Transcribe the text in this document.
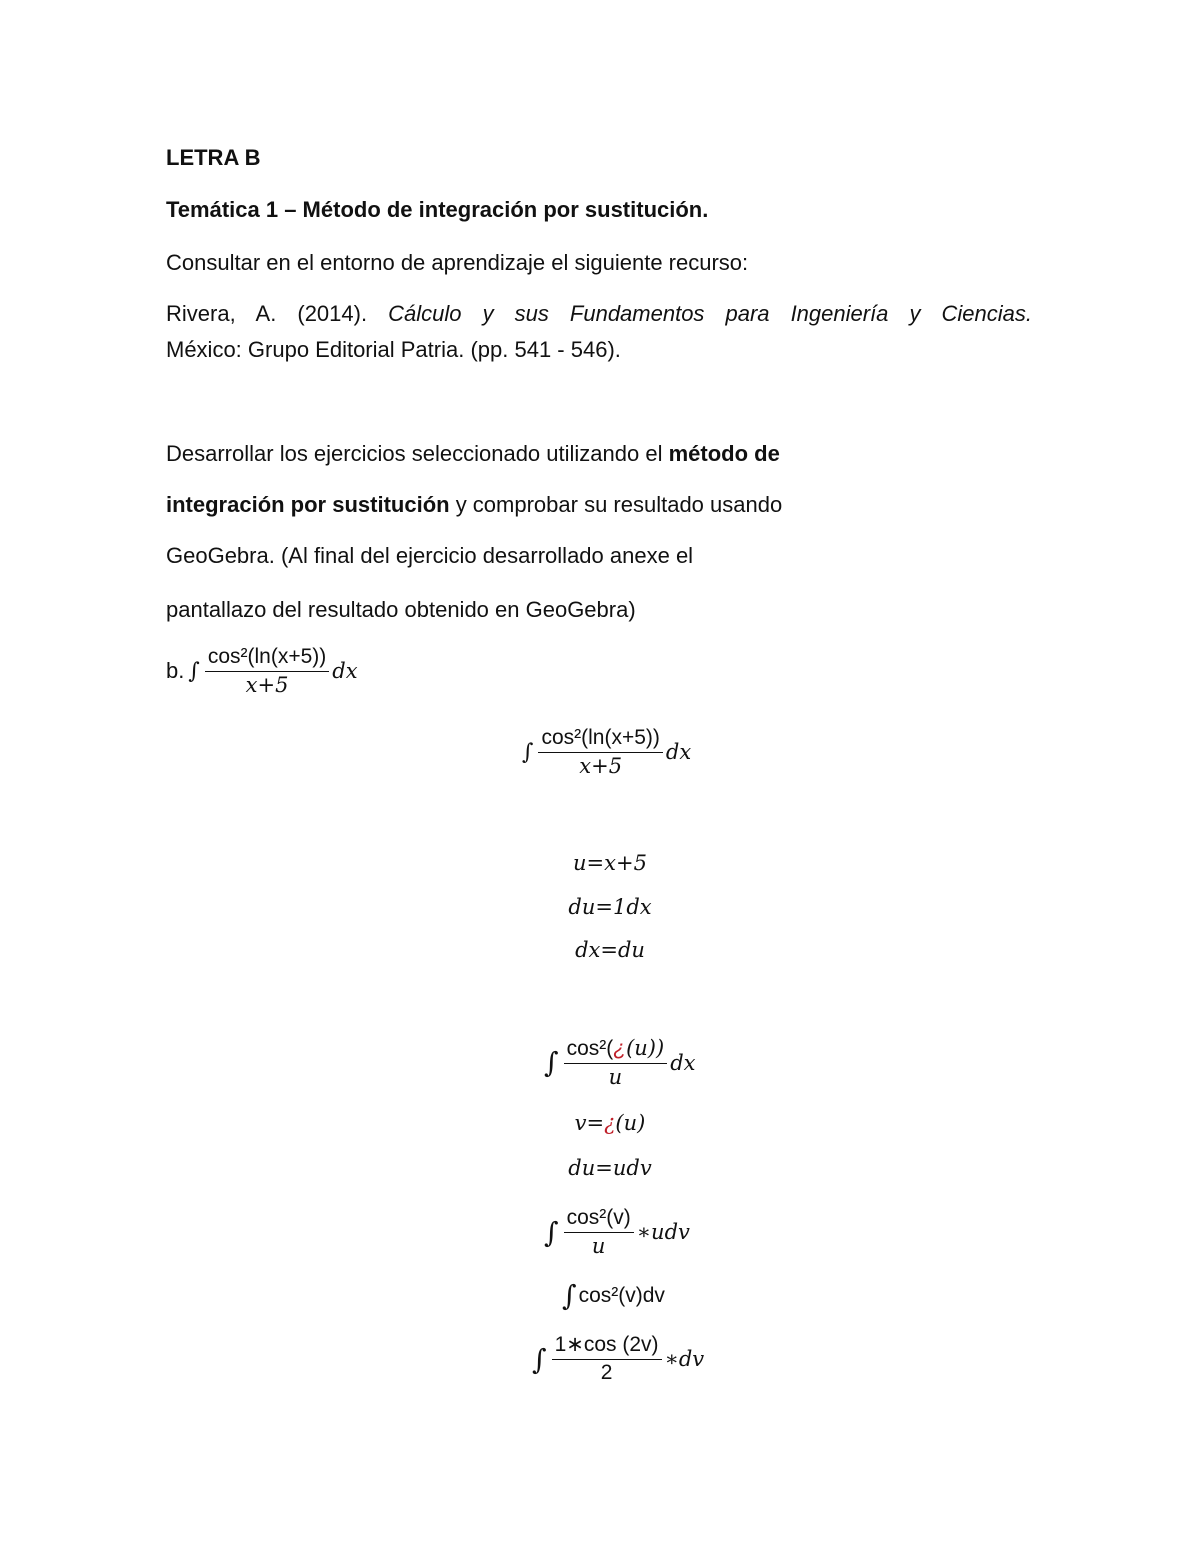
LETRA B
Temática 1 – Método de integración por sustitución.
Consultar en el entorno de aprendizaje el siguiente recurso:
Rivera, A. (2014). Cálculo y sus Fundamentos para Ingeniería y Ciencias.
México: Grupo Editorial Patria. (pp. 541 - 546).
Desarrollar los ejercicios seleccionado utilizando el método de
integración por sustitución y comprobar su resultado usando
GeoGebra. (Al final del ejercicio desarrollado anexe el
pantallazo del resultado obtenido en GeoGebra)
b. ∫ $\frac{\text{cos²(ln(x+5))}}{x+5}$ dx
∫ $\frac{\text{cos²(ln(x+5))}}{x+5}$ dx
u=x+5
du=1dx
dx=du
∫ $\frac{\text{cos²(¿(u))}}{u}$ dx
v= ¿ (u)
du=udv
∫ $\frac{\text{cos²(v)}}{u}$ ∗udv
∫ cos²(v)dv
∫ $\frac{1∗\cos (2v)}{2}$ ∗dv
